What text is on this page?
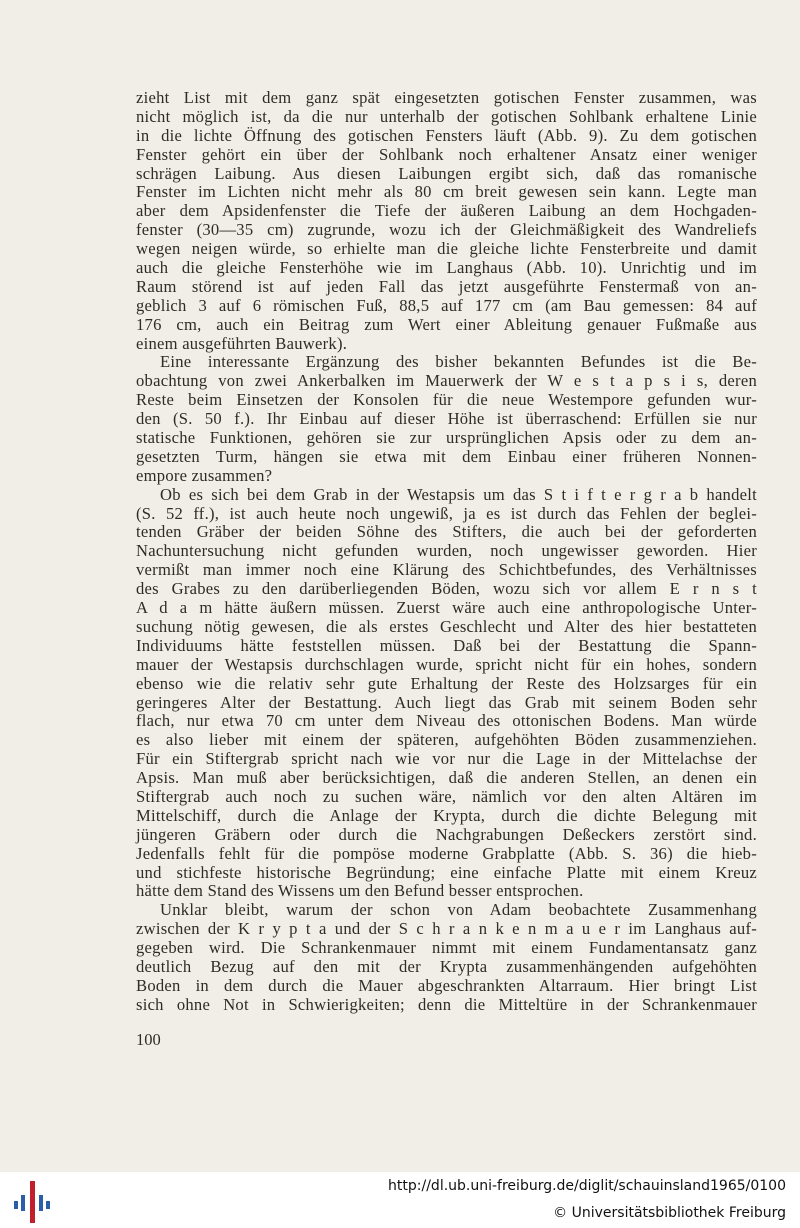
zieht List mit dem ganz spät eingesetzten gotischen Fenster zusammen, was
nicht möglich ist, da die nur unterhalb der gotischen Sohlbank erhaltene Linie
in die lichte Öffnung des gotischen Fensters läuft (Abb. 9). Zu dem gotischen
Fenster gehört ein über der Sohlbank noch erhaltener Ansatz einer weniger
schrägen Laibung. Aus diesen Laibungen ergibt sich, daß das romanische
Fenster im Lichten nicht mehr als 80 cm breit gewesen sein kann. Legte man
aber dem Apsidenfenster die Tiefe der äußeren Laibung an dem Hochgaden-
fenster (30—35 cm) zugrunde, wozu ich der Gleichmäßigkeit des Wandreliefs
wegen neigen würde, so erhielte man die gleiche lichte Fensterbreite und damit
auch die gleiche Fensterhöhe wie im Langhaus (Abb. 10). Unrichtig und im
Raum störend ist auf jeden Fall das jetzt ausgeführte Fenstermaß von an-
geblich 3 auf 6 römischen Fuß, 88,5 auf 177 cm (am Bau gemessen: 84 auf
176 cm, auch ein Beitrag zum Wert einer Ableitung genauer Fußmaße aus
einem ausgeführten Bauwerk).

Eine interessante Ergänzung des bisher bekannten Befundes ist die Be-
obachtung von zwei Ankerbalken im Mauerwerk der W e s t a p s i s, deren
Reste beim Einsetzen der Konsolen für die neue Westempore gefunden wur-
den (S. 50 f.). Ihr Einbau auf dieser Höhe ist überraschend: Erfüllen sie nur
statische Funktionen, gehören sie zur ursprünglichen Apsis oder zu dem an-
gesetzten Turm, hängen sie etwa mit dem Einbau einer früheren Nonnen-
empore zusammen?

Ob es sich bei dem Grab in der Westapsis um das S t i f t e r g r a b handelt
(S. 52 ff.), ist auch heute noch ungewiß, ja es ist durch das Fehlen der beglei-
tenden Gräber der beiden Söhne des Stifters, die auch bei der geforderten
Nachuntersuchung nicht gefunden wurden, noch ungewisser geworden. Hier
vermißt man immer noch eine Klärung des Schichtbefundes, des Verhältnisses
des Grabes zu den darüberliegenden Böden, wozu sich vor allem E r n s t
A d a m hätte äußern müssen. Zuerst wäre auch eine anthropologische Unter-
suchung nötig gewesen, die als erstes Geschlecht und Alter des hier bestatteten
Individuums hätte feststellen müssen. Daß bei der Bestattung die Spann-
mauer der Westapsis durchschlagen wurde, spricht nicht für ein hohes, sondern
ebenso wie die relativ sehr gute Erhaltung der Reste des Holzsarges für ein
geringeres Alter der Bestattung. Auch liegt das Grab mit seinem Boden sehr
flach, nur etwa 70 cm unter dem Niveau des ottonischen Bodens. Man würde
es also lieber mit einem der späteren, aufgehöhten Böden zusammenziehen.
Für ein Stiftergrab spricht nach wie vor nur die Lage in der Mittelachse der
Apsis. Man muß aber berücksichtigen, daß die anderen Stellen, an denen ein
Stiftergrab auch noch zu suchen wäre, nämlich vor den alten Altären im
Mittelschiff, durch die Anlage der Krypta, durch die dichte Belegung mit
jüngeren Gräbern oder durch die Nachgrabungen Deßeckers zerstört sind.
Jedenfalls fehlt für die pompöse moderne Grabplatte (Abb. S. 36) die hieb-
und stichfeste historische Begründung; eine einfache Platte mit einem Kreuz
hätte dem Stand des Wissens um den Befund besser entsprochen.

Unklar bleibt, warum der schon von Adam beobachtete Zusammenhang
zwischen der K r y p t a und der S c h r a n k e n m a u e r im Langhaus auf-
gegeben wird. Die Schrankenmauer nimmt mit einem Fundamentansatz ganz
deutlich Bezug auf den mit der Krypta zusammenhängenden aufgehöhten
Boden in dem durch die Mauer abgeschrankten Altarraum. Hier bringt List
sich ohne Not in Schwierigkeiten; denn die Mitteltüre in der Schrankenmauer

100
http://dl.ub.uni-freiburg.de/diglit/schauinsland1965/0100
© Universitätsbibliothek Freiburg
